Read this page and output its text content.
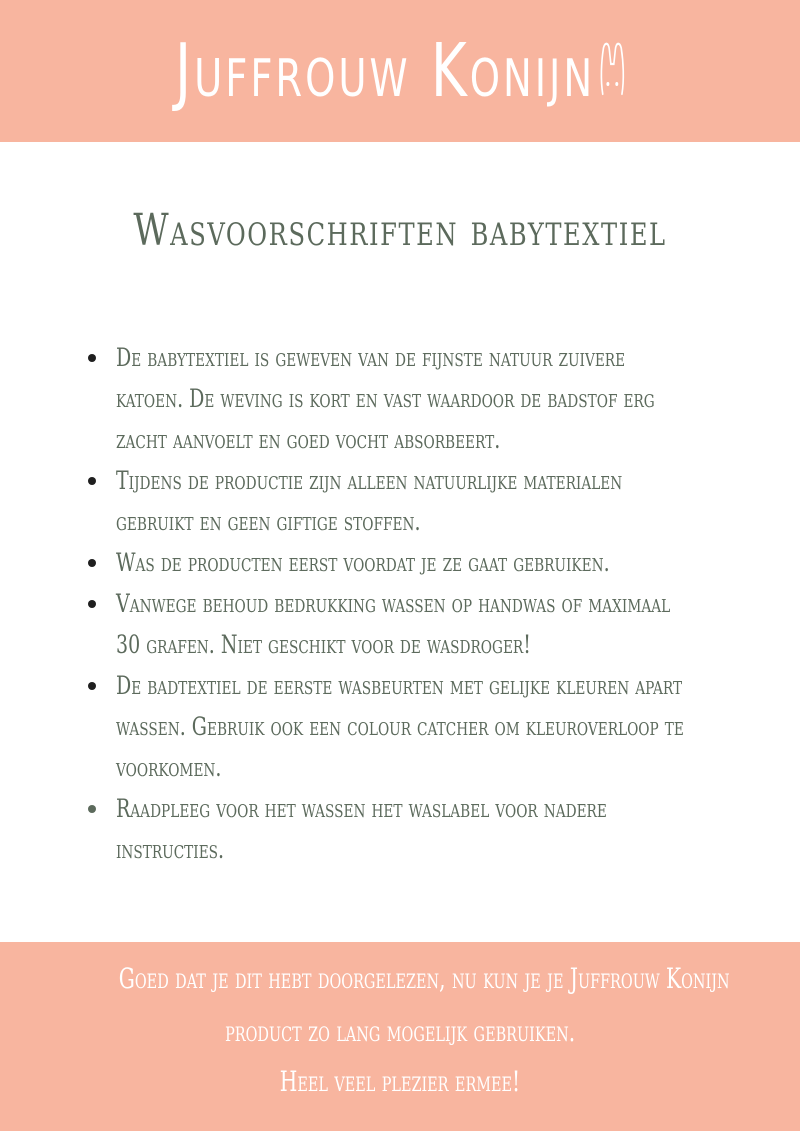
Juffrouw Konijn
Wasvoorschriften babytextiel
De babytextiel is geweven van de fijnste natuur zuivere katoen. De weving is kort en vast waardoor de badstof erg zacht aanvoelt en goed vocht absorbeert.
Tijdens de productie zijn alleen natuurlijke materialen gebruikt en geen giftige stoffen.
Was de producten eerst voordat je ze gaat gebruiken.
Vanwege behoud bedrukking wassen op handwas of maximaal 30 grafen. Niet geschikt voor de wasdroger!
De badtextiel de eerste wasbeurten met gelijke kleuren apart wassen. Gebruik ook een colour catcher om kleuroverloop te voorkomen.
Raadpleeg voor het wassen het waslabel voor nadere instructies.

Goed dat je dit hebt doorgelezen, nu kun je je Juffrouw Konijn

product zo lang mogelijk gebruiken.

Heel veel plezier ermee!
